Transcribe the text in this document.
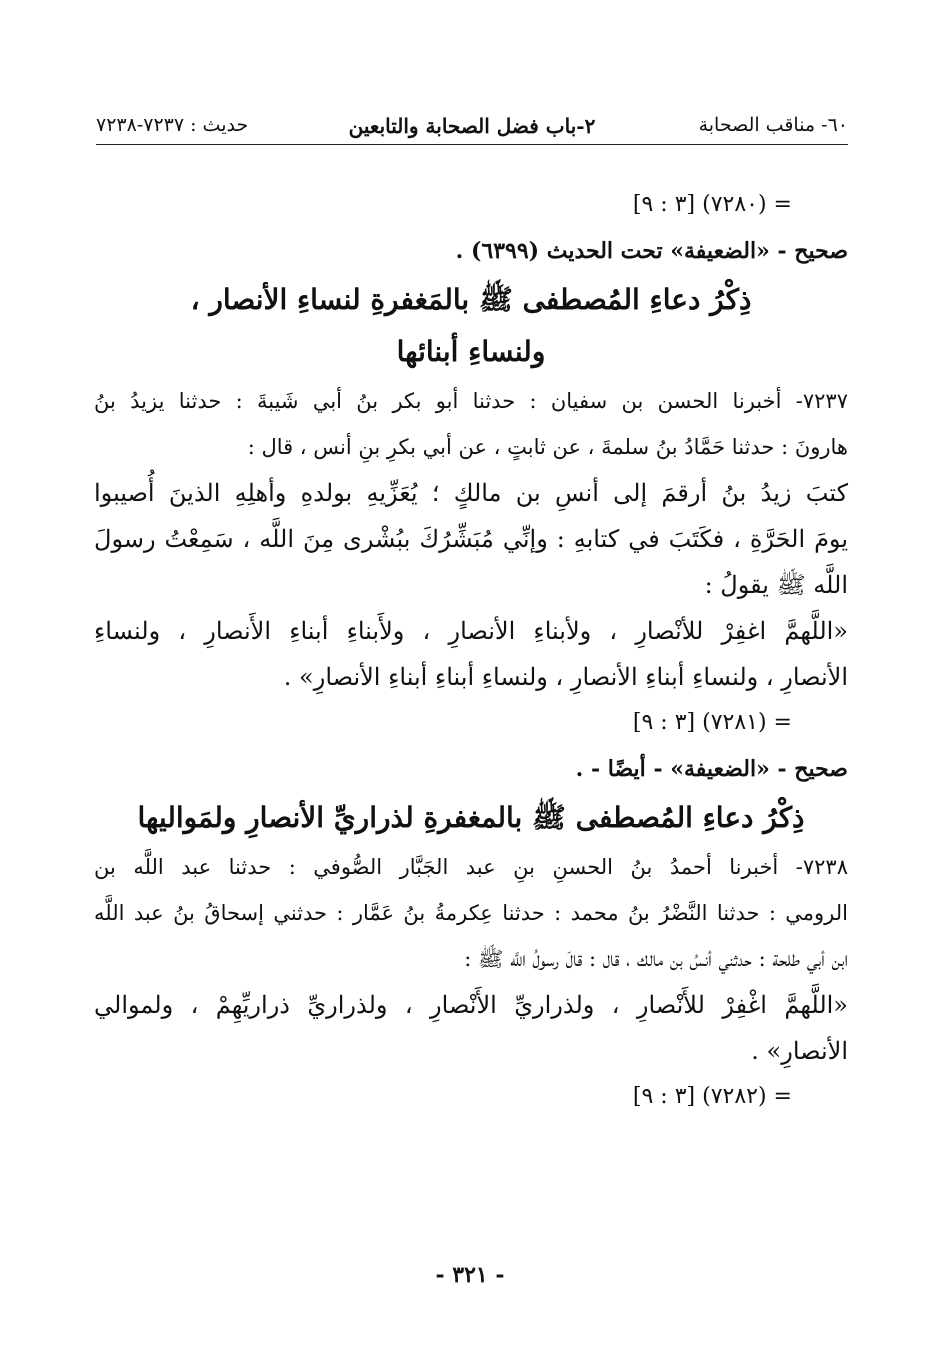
٦٠- مناقب الصحابة
٢-باب فضل الصحابة والتابعين
حديث : ٧٢٣٧-٧٢٣٨
= (٧٢٨٠) [٣ : ٩]
صحيح - «الضعيفة» تحت الحديث (٦٣٩٩) .
ذِكْرُ دعاءِ المُصطفى ﷺ بالمَغفرةِ لنساءِ الأنصار ،
ولنساءِ أبنائها
٧٢٣٧- أخبرنا الحسن بن سفيان : حدثنا أبو بكر بنُ أبي شَيبةَ : حدثنا يزيدُ بنُ
هارونَ : حدثنا حَمَّادُ بنُ سلمةَ ، عن ثابتٍ ، عن أبي بكرِ بنِ أنس ، قال :
كتبَ زيدُ بنُ أرقمَ إلى أنسِ بن مالكٍ ؛ يُعَزِّيهِ بولدهِ وأهلِهِ الذينَ أُصيبوا
يومَ الحَرَّةِ ، فكَتَبَ في كتابهِ : وإنِّي مُبَشِّرُكَ ببُشْرى مِنَ اللَّه ، سَمِعْتُ رسولَ
اللَّه ﷺ يقولُ :
«اللَّهمَّ اغفِرْ للأنْصارِ ، ولأبناءِ الأنصارِ ، ولأَبناءِ أبناءِ الأَنصارِ ، ولنساءِ
الأنصارِ ، ولنساءِ أبناءِ الأنصارِ ، ولنساءِ أبناءِ أبناءِ الأنصارِ» .
= (٧٢٨١) [٣ : ٩]
صحيح - «الضعيفة» - أيضًا - .
ذِكْرُ دعاءِ المُصطفى ﷺ بالمغفرةِ لذراريِّ الأنصارِ ولمَواليها
٧٢٣٨- أخبرنا أحمدُ بنُ الحسنِ بنِ عبد الجَبَّار الصُّوفي : حدثنا عبد اللَّه بن
الرومي : حدثنا النَّضْرُ بنُ محمد : حدثنا عِكرمةُ بنُ عَمَّار : حدثني إسحاقُ بنُ عبد اللَّه
ابن أبي طلحة : حدثني أنسُ بن مالك ، قال : قالَ رسولُ اللَّه ﷺ :
«اللَّهمَّ اغْفِرْ للأَنْصارِ ، ولذراريِّ الأَنْصارِ ، ولذراريِّ ذراريِّهِمْ ، ولموالي
الأنصارِ» .
= (٧٢٨٢) [٣ : ٩]
- ٣٢١ -
